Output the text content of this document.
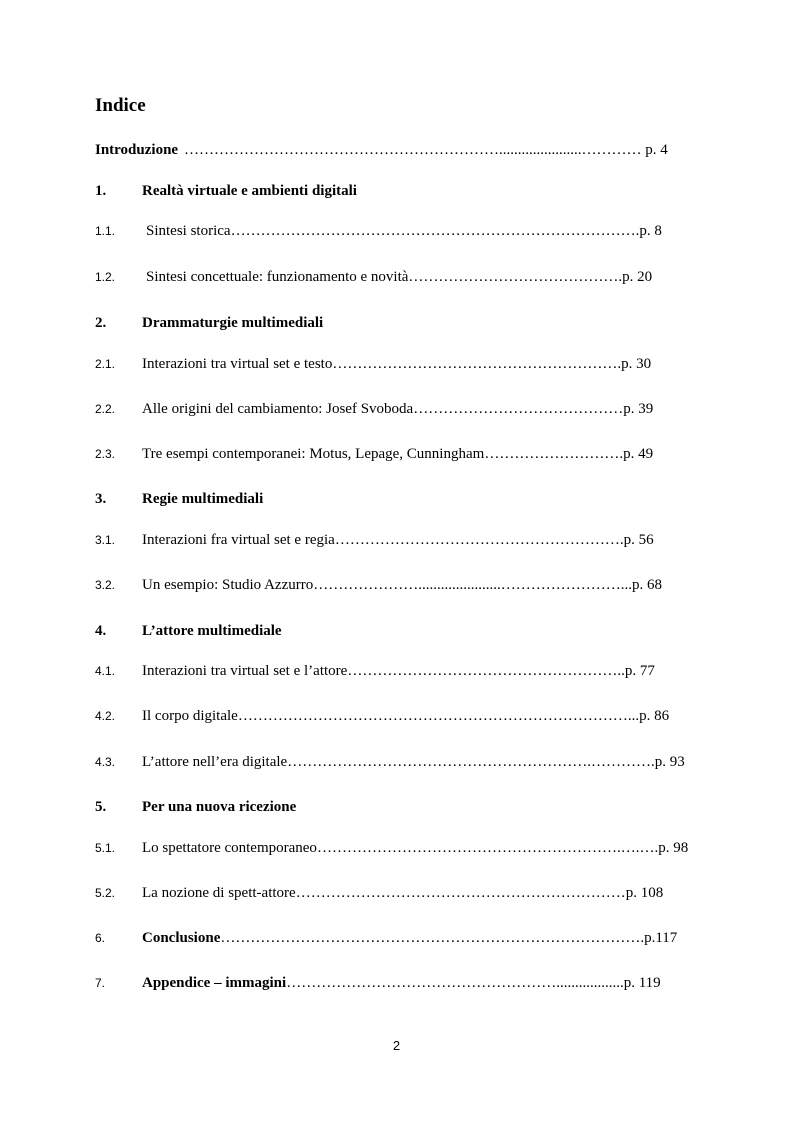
Indice
Introduzione ………………………………………………………......................………… p. 4
1. Realtà virtuale e ambienti digitali
1.1. Sintesi storica……………………………………………………………………….p. 8
1.2. Sintesi concettuale: funzionamento e novità…………………………………….p. 20
2. Drammaturgie multimediali
2.1. Interazioni tra virtual set e testo………………………………………………….p. 30
2.2. Alle origini del cambiamento: Josef Svoboda……………………………………p. 39
2.3. Tre esempi contemporanei: Motus, Lepage, Cunningham……………………….p. 49
3. Regie multimediali
3.1. Interazioni fra virtual set e regia………………………………………………….p. 56
3.2. Un esempio: Studio Azzurro…………………......................……………………...p. 68
4. L’attore multimediale
4.1. Interazioni tra virtual set e l’attore………………………………………………..p. 77
4.2. Il corpo digitale……………………………………………………………………...p. 86
4.3. L’attore nell’era digitale…………………………………………………….………….p. 93
5. Per una nuova ricezione
5.1. Lo spettatore contemporaneo…………………………………………………….….….p. 98
5.2. La nozione di spett-attore…………………………………………………………p. 108
6. Conclusione………………………………………………………………………….p.117
7. Appendice – immagini………………………………………………..................p. 119
2
